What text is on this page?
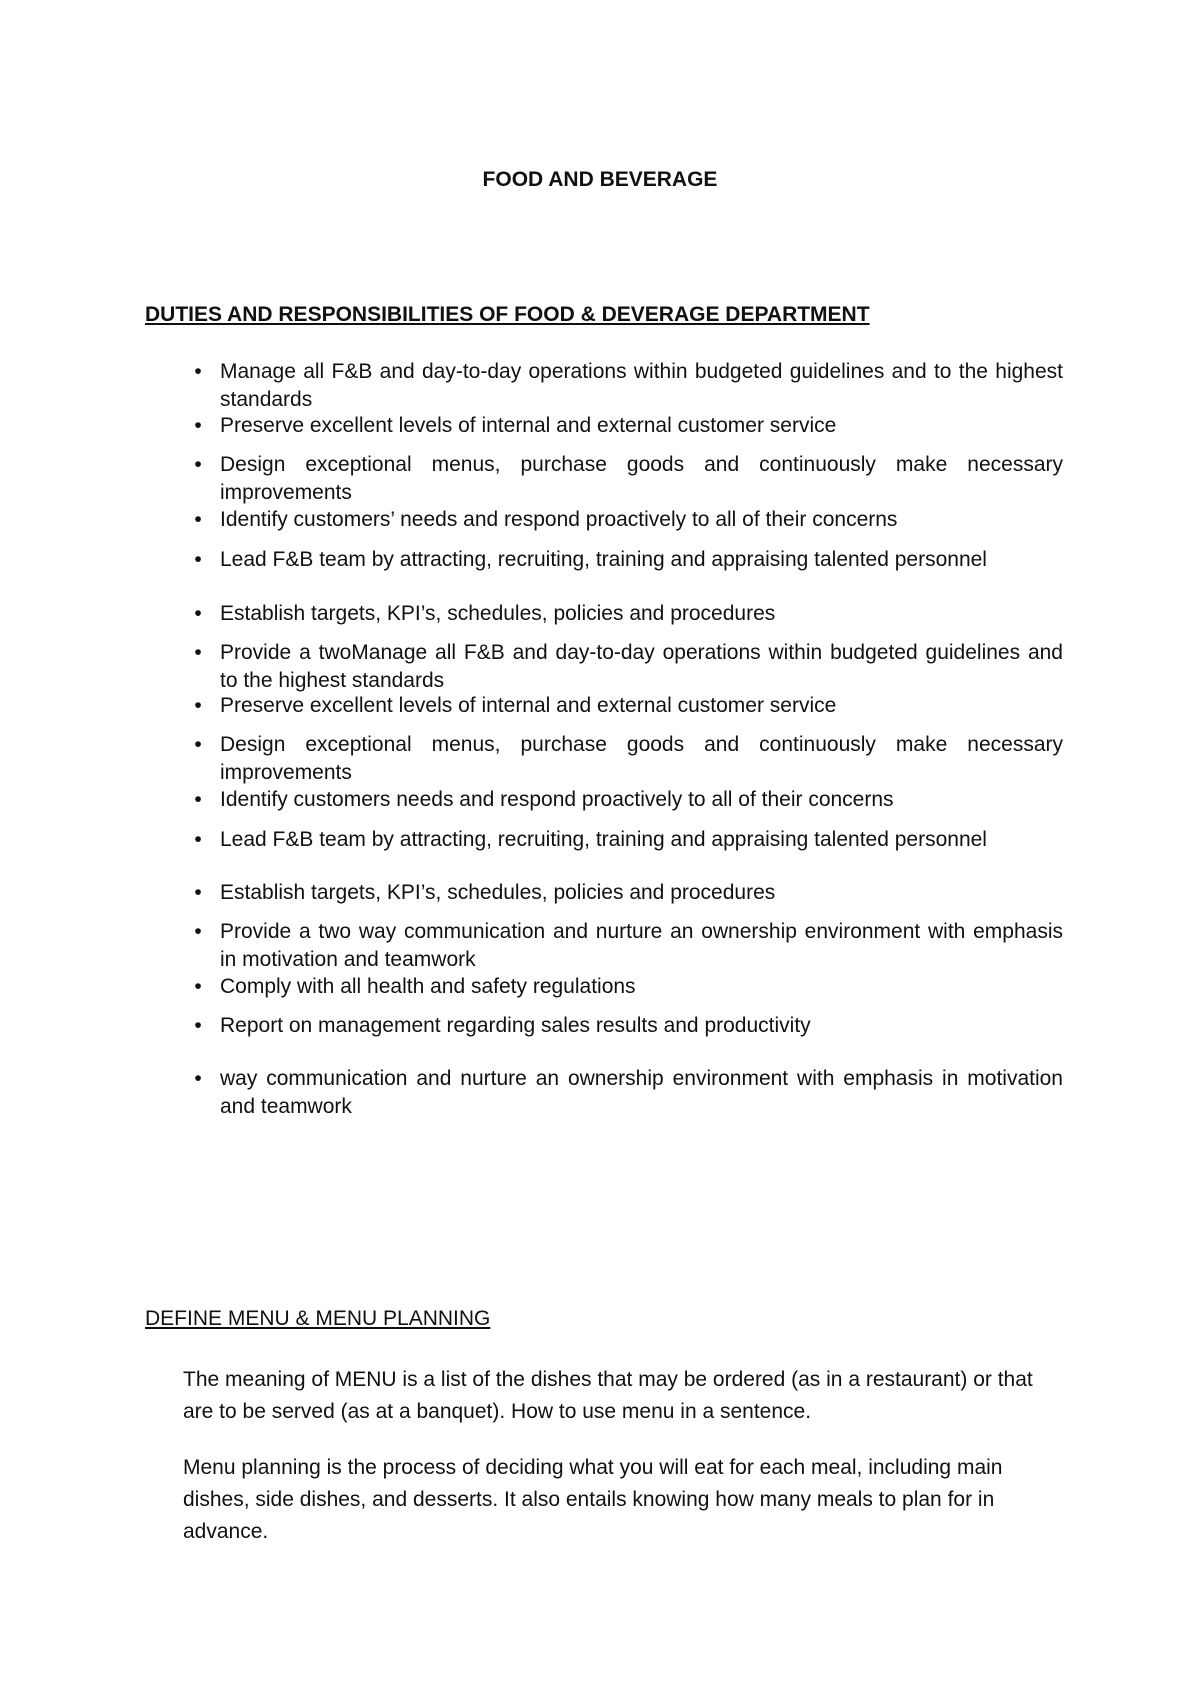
FOOD AND BEVERAGE
DUTIES AND RESPONSIBILITIES OF FOOD & DEVERAGE DEPARTMENT
• Manage all F&B and day-to-day operations within budgeted guidelines and to the highest standards
• Preserve excellent levels of internal and external customer service
• Design exceptional menus, purchase goods and continuously make necessary improvements
• Identify customers’ needs and respond proactively to all of their concerns
• Lead F&B team by attracting, recruiting, training and appraising talented personnel
• Establish targets, KPI’s, schedules, policies and procedures
• Provide a twoManage all F&B and day-to-day operations within budgeted guidelines and to the highest standards
• Preserve excellent levels of internal and external customer service
• Design exceptional menus, purchase goods and continuously make necessary improvements
• Identify customers needs and respond proactively to all of their concerns
• Lead F&B team by attracting, recruiting, training and appraising talented personnel
• Establish targets, KPI’s, schedules, policies and procedures
• Provide a two way communication and nurture an ownership environment with emphasis in motivation and teamwork
• Comply with all health and safety regulations
• Report on management regarding sales results and productivity
• way communication and nurture an ownership environment with emphasis in motivation and teamwork
DEFINE MENU & MENU PLANNING

The meaning of MENU is a list of the dishes that may be ordered (as in a restaurant) or that are to be served (as at a banquet). How to use menu in a sentence.

Menu planning is the process of deciding what you will eat for each meal, including main dishes, side dishes, and desserts. It also entails knowing how many meals to plan for in advance.
